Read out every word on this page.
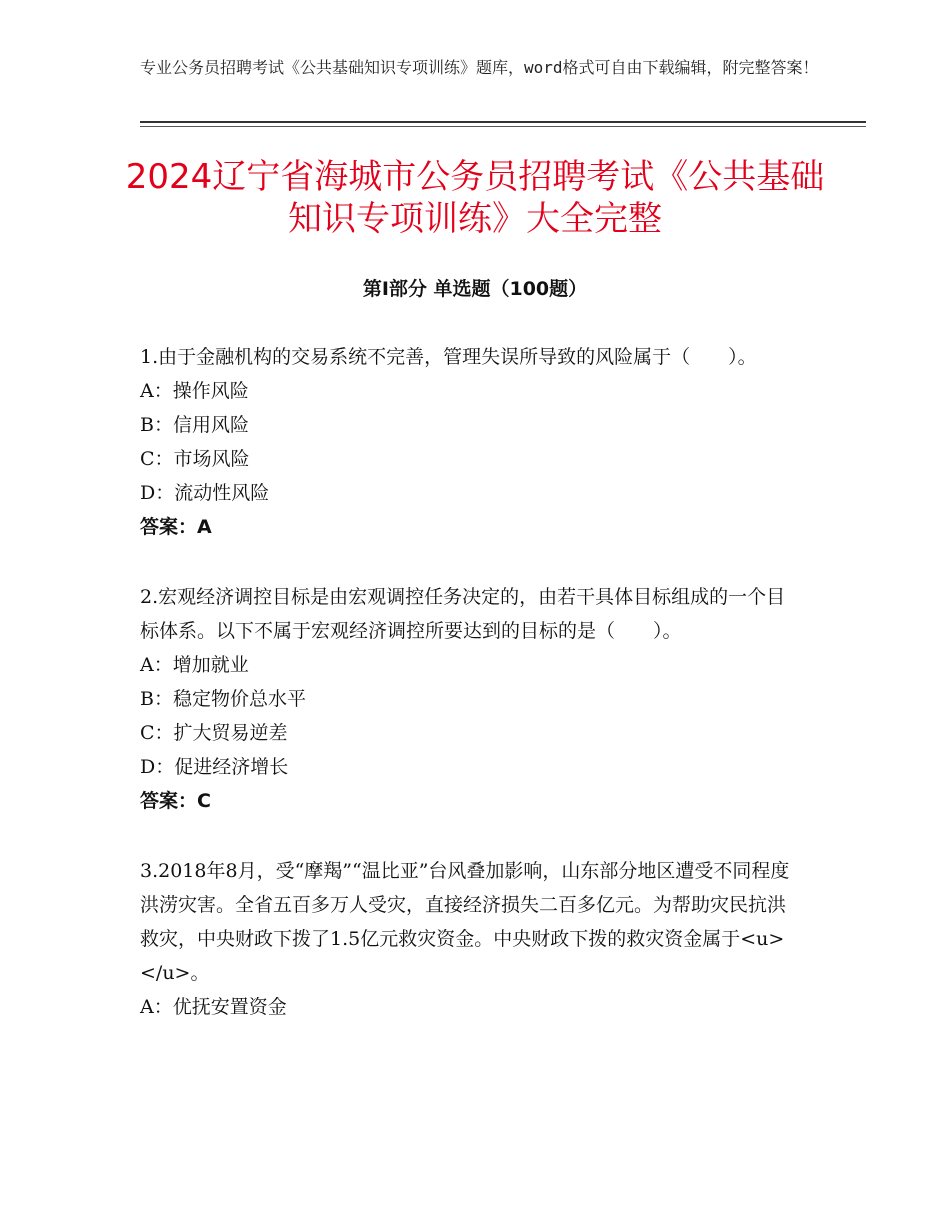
专业公务员招聘考试《公共基础知识专项训练》题库，word格式可自由下载编辑，附完整答案！
2024辽宁省海城市公务员招聘考试《公共基础知识专项训练》大全完整
第Ⅰ部分 单选题（100题）

1.由于金融机构的交易系统不完善，管理失误所导致的风险属于（　　）。

A：操作风险

B：信用风险

C：市场风险

D：流动性风险

答案：A

2.宏观经济调控目标是由宏观调控任务决定的，由若干具体目标组成的一个目标体系。以下不属于宏观经济调控所要达到的目标的是（　　）。

A：增加就业

B：稳定物价总水平

C：扩大贸易逆差

D：促进经济增长

答案：C

3.2018年8月，受“摩羯”“温比亚”台风叠加影响，山东部分地区遭受不同程度洪涝灾害。全省五百多万人受灾，直接经济损失二百多亿元。为帮助灾民抗洪救灾，中央财政下拨了1.5亿元救灾资金。中央财政下拨的救灾资金属于<u>　　　</u>。

A：优抚安置资金
